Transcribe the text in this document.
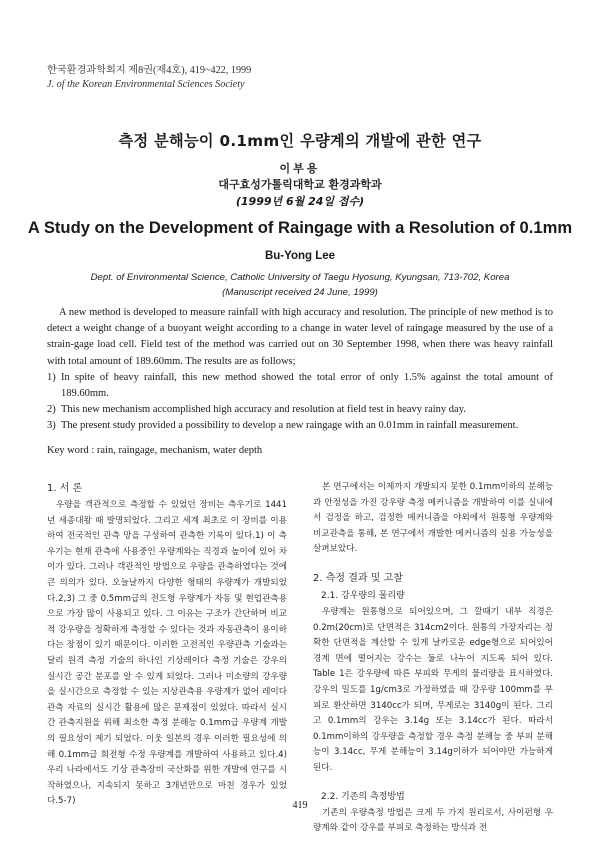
한국환경과학회지 제8권(제4호), 419~422, 1999
J. of the Korean Environmental Sciences Society
측정 분해능이 0.1mm인 우량계의 개발에 관한 연구
이부용
대구효성가톨릭대학교 환경과학과
(1999년 6월 24일 접수)
A Study on the Development of Raingage with a Resolution of 0.1mm
Bu-Yong Lee
Dept. of Environmental Science, Catholic University of Taegu Hyosung, Kyungsan, 713-702, Korea
(Manuscript received 24 June, 1999)

A new method is developed to measure rainfall with high accuracy and resolution. The principle of new method is to detect a weight change of a buoyant weight according to a change in water level of raingage measured by the use of a strain-gage load cell. Field test of the method was carried out on 30 September 1998, when there was heavy rainfall with total amount of 189.60mm. The results are as follows;

1) In spite of heavy rainfall, this new method showed the total error of only 1.5% against the total amount of 189.60mm.
2) This new mechanism accomplished high accuracy and resolution at field test in heavy rainy day.
3) The present study provided a possibility to develop a new raingage with an 0.01mm in rainfall measurement.
Key word : rain, raingage, mechanism, water depth
1. 서 론

우량을 객관적으로 측정할 수 있었던 장비는 측우기로 1441년 세종대왕 때 발명되었다. 그리고 세계 최초로 이 장비를 이용하여 전국적인 관측 망을 구성하여 관측한 기록이 있다.1) 이 측우기는 현재 관측에 사용중인 우량계와는 직경과 높이에 있어 차이가 있다. 그러나 객관적인 방법으로 우량을 관측하였다는 것에 큰 의의가 있다. 오늘날까지 다양한 형태의 우량계가 개발되었다.2,3) 그 중 0.5mm급의 전도형 우량계가 자동 및 현업관측용으로 가장 많이 사용되고 있다. 그 이유는 구조가 간단하며 비교적 강우량을 정확하게 측정할 수 있다는 것과 자동관측이 용이하다는 장점이 있기 때문이다. 이러한 고전적인 우량관측 기술과는 달리 원격 측정 기술의 하나인 기상레이다 측정 기술은 강우의 실시간 공간 분포를 알 수 있게 되었다. 그러나 미소량의 강우량을 실시간으로 측정할 수 있는 지상관측용 우량계가 없어 레이다 관측 자료의 실시간 활용에 많은 문제점이 있었다. 따라서 실시간 관측지원을 위해 최소한 측정 분해능 0.1mm급 우량계 개발의 필요성이 제기 되었다. 이웃 일본의 경우 이러한 필요성에 의해 0.1mm급 회전형 수정 우량계를 개발하여 사용하고 있다.4) 우리 나라에서도 기상 관측장비 국산화를 위한 개발에 연구를 시작하였으나, 지속되지 못하고 3개년만으로 마친 경우가 있었다.5-7)

본 연구에서는 이제까지 개발되지 못한 0.1mm이하의 분해능과 안정성을 가진 강우량 측정 메커니즘을 개발하여 이를 실내에서 검정을 하고, 검정한 메커니즘을 야외에서 원통형 우량계와 비교관측을 통해, 본 연구에서 개발한 메커니즘의 실용 가능성을 살펴보았다.

2. 측정 결과 및 고찰
2.1. 강우량의 물리량

우량계는 원통형으로 되어있으며, 그 깔때기 내부 직경은 0.2m(20cm)로 단면적은 314cm2이다. 원통의 가장자리는 정확한 단면적을 계산할 수 있게 날카로운 edge형으로 되어있어 경계 면에 떨어지는 강수는 둘로 나누어 지도록 되어 있다. Table 1은 강우량에 따른 부피와 무게의 물리량을 표시하였다. 강우의 밀도를 1g/cm3로 가정하였을 때 강우량 100mm를 부피로 환산하면 3140cc가 되며, 무게로는 3140g이 된다. 그리고 0.1mm의 강우는 3.14g 또는 3.14cc가 된다. 따라서 0.1mm이하의 강우량을 측정할 경우 측정 분해능 중 부피 분해능이 3.14cc, 무게 분해능이 3.14g이하가 되어야만 가능하게 된다.

2.2. 기존의 측정방법

기존의 우량측정 방법은 크게 두 가지 원리로서, 사이펀형 우량계와 같이 강우를 부피로 측정하는 방식과 전

419
